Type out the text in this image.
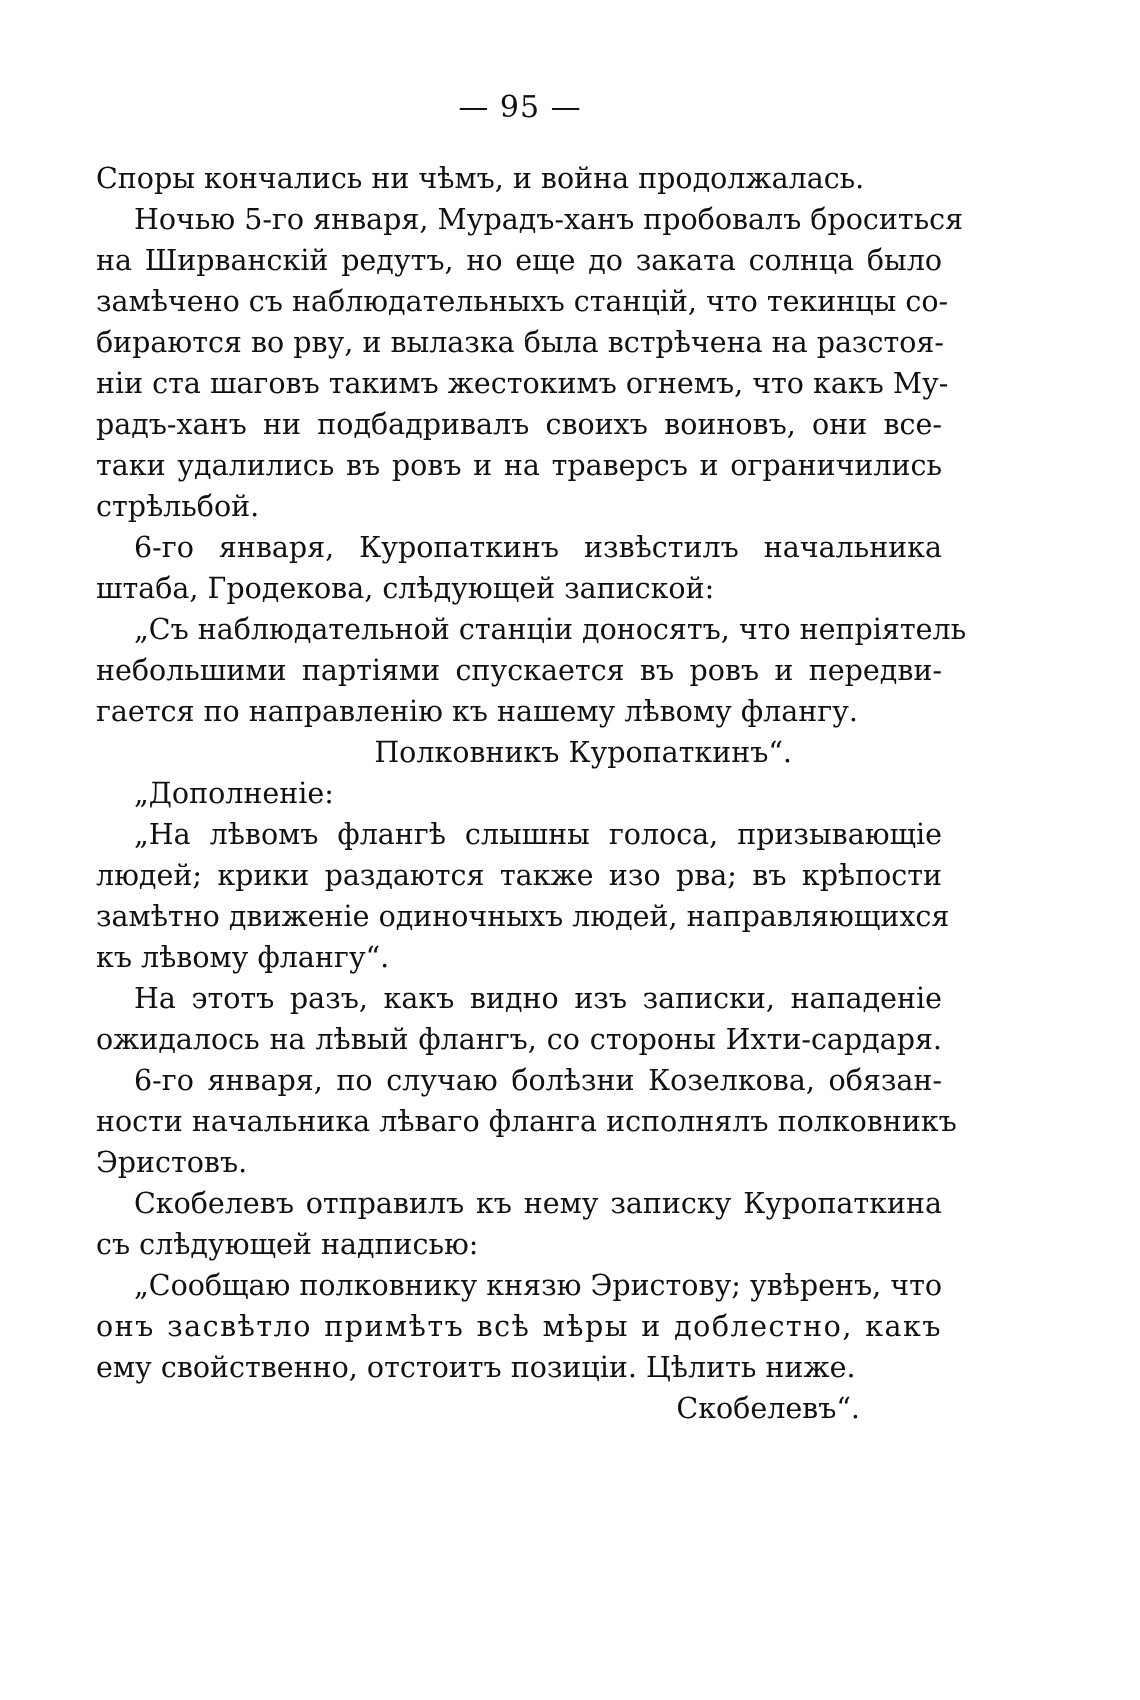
— 95 —
Споры кончались ни чѣмъ, и война продолжалась.
Ночью 5-го января, Мурадъ-ханъ пробовалъ броситься
на Ширванскій редутъ, но еще до заката солнца было
замѣчено съ наблюдательныхъ станцій, что текинцы со-
бираются во рву, и вылазка была встрѣчена на разстоя-
ніи ста шаговъ такимъ жестокимъ огнемъ, что какъ Му-
радъ-ханъ ни подбадривалъ своихъ воиновъ, они все-
таки удалились въ ровъ и на траверсъ и ограничились
стрѣльбой.
6-го января, Куропаткинъ извѣстилъ начальника
штаба, Гродекова, слѣдующей запиской:
„Съ наблюдательной станціи доносятъ, что непріятель
небольшими партіями спускается въ ровъ и передви-
гается по направленію къ нашему лѣвому флангу.
Полковникъ Куропаткинъ“.
„Дополненіе:
„На лѣвомъ флангѣ слышны голоса, призывающіе
людей; крики раздаются также изо рва; въ крѣпости
замѣтно движеніе одиночныхъ людей, направляющихся
къ лѣвому флангу“.
На этотъ разъ, какъ видно изъ записки, нападеніе
ожидалось на лѣвый флангъ, со стороны Ихти-сардаря.
6-го января, по случаю болѣзни Козелкова, обязан-
ности начальника лѣваго фланга исполнялъ полковникъ
Эристовъ.
Скобелевъ отправилъ къ нему записку Куропаткина
съ слѣдующей надписью:
„Сообщаю полковнику князю Эристову; увѣренъ, что
онъ засвѣтло примѣтъ всѣ мѣры и доблестно, какъ
ему свойственно, отстоитъ позиціи. Цѣлить ниже.
Скобелевъ“.
